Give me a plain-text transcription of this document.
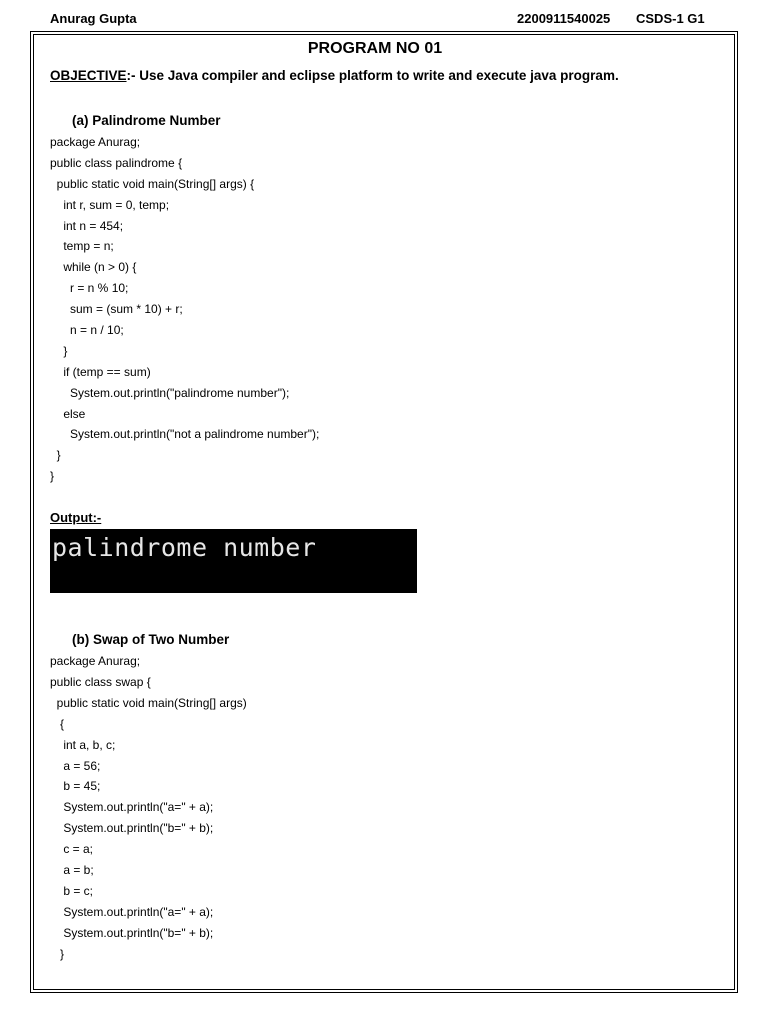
Anurag Gupta	2200911540025 CSDS-1 G1
PROGRAM NO 01
OBJECTIVE:- Use Java compiler and eclipse platform to write and execute java program.
(a) Palindrome Number
package Anurag;
public class palindrome {
public static void main(String[] args) {
int r, sum = 0, temp;
int n = 454;
temp = n;
while (n > 0) {
r = n % 10;
sum = (sum * 10) + r;
n = n / 10;
}
if (temp == sum)
System.out.println("palindrome number");
else
System.out.println("not a palindrome number");
}
}
Output:-
palindrome number
(b) Swap of Two Number
package Anurag;
public class swap {
public static void main(String[] args)
{
int a, b, c;
a = 56;
b = 45;
System.out.println("a=" + a);
System.out.println("b=" + b);
c = a;
a = b;
b = c;
System.out.println("a=" + a);
System.out.println("b=" + b);
}
